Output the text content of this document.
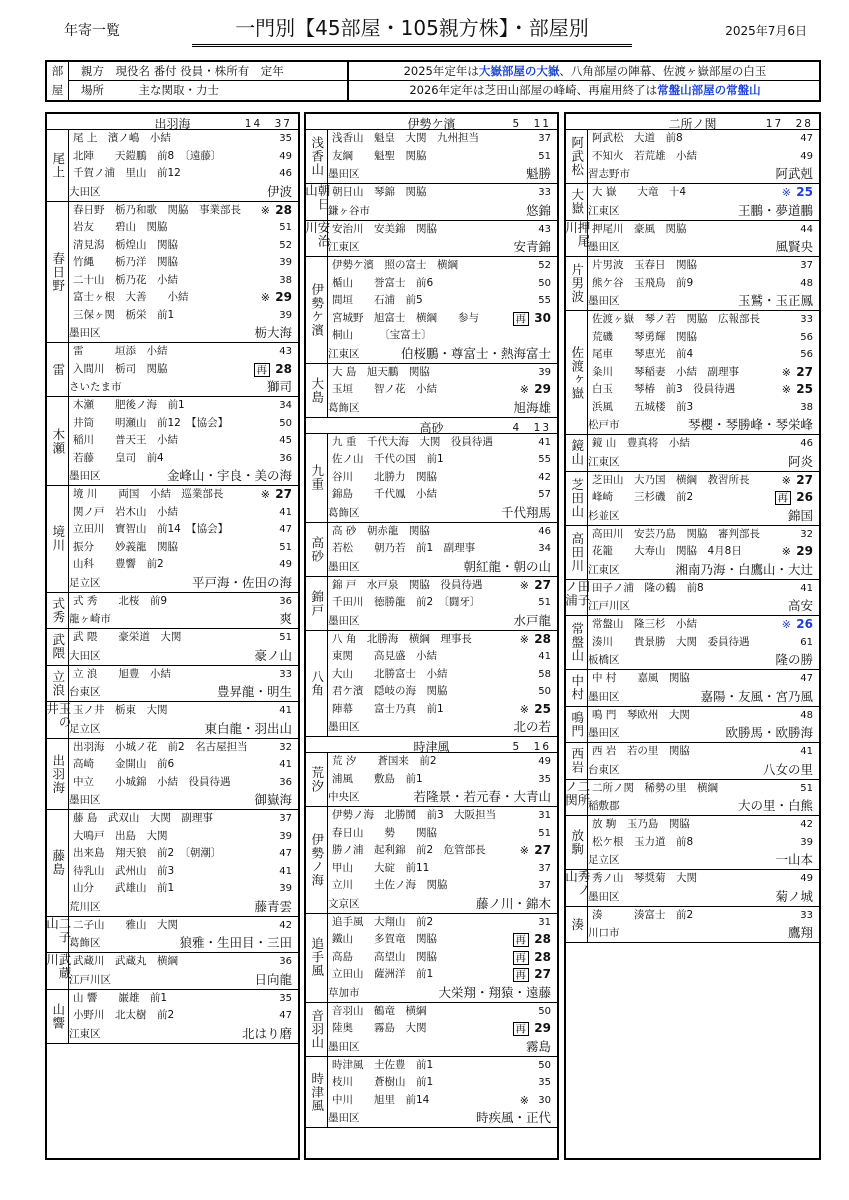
年寄一覧	一門別【45部屋・105親方株】・部屋別	2025年7月6日
部
屋
親方　現役名 番付 役員・株所有　定年
場所　　　主な関取・力士
2025年定年は大嶽部屋の大嶽、八角部屋の陣幕、佐渡ヶ嶽部屋の白玉
2026年定年は芝田山部屋の峰崎、再雇用終了は常盤山部屋の常盤山
出羽海	14　37
尾上
尾 上　濱ノ嶋　小結	35
北陣　　天鎧鵬　前8　〔遠藤〕	49
千賀ノ浦　里山　前12	46
大田区	伊波
春日野
春日野　栃乃和歌　関脇　事業部長 ※ 28
岩友　　碧山　関脇	51
清見潟　栃煌山　関脇	52
竹縄　　栃乃洋　関脇	39
二十山　栃乃花　小結	38
富士ヶ根　大善　　小結	※ 29
三保ヶ関　栃栄　前1	39
墨田区	栃大海
雷
雷　　　垣添　小結	43
入間川　栃司　関脇	再 28
さいたま市	獅司
木瀬
木瀬　　肥後ノ海　前1	34
井筒　　明瀬山　前12　【協会】	50
稲川　　普天王　小結	45
若藤　　皇司　前4	36
墨田区	金峰山・宇良・美の海
境川
境 川　　両国　小結　巡業部長	※ 27
関ノ戸　岩木山　小結	41
立田川　寶智山　前14　【協会】	47
振分　　妙義龍　関脇	51
山科　　豊響　前2	49
足立区	平戸海・佐田の海
式秀 式 秀　　北桜　前9	36
龍ヶ崎市	爽
武隈 武 隈　　豪栄道　大関	51
大田区	豪ノ山
立浪 立 浪　　旭豊　小結	33
台東区	豊昇龍・明生
玉の井	玉ノ井　栃東　大関	41
足立区	東白龍・羽出山
出羽海
出羽海　小城ノ花　前2　名古屋担当	32
高崎　　金開山　前6	41
中立　　小城錦　小結　役員待遇	36
墨田区	御嶽海
藤島
藤 島　武双山　大関　副理事	37
大鳴戸　出島　大関	39
出来島　翔天狼　前2　〔朝潮〕	47
待乳山　武州山　前3	41
山分　　武雄山　前1	39
荒川区	藤青雲
二子山	二子山　　雅山　大関	42
葛飾区	狼雅・生田目・三田
武蔵川	武蔵川　武蔵丸　横綱	36
江戸川区	日向龍
山響
山 響　　巌雄　前1	35
小野川　北太樹　前2	47
江東区	北はり磨
伊勢ケ濱	5　11
浅香山 浅香山　魁皇　大関　九州担当	37
友綱　　魁聖　関脇	51
墨田区	魁勝
朝日山	朝日山　琴錦　関脇	33
鎌ヶ谷市	悠錦
安治川	安治川　安美錦　関脇	43
江東区	安青錦
伊勢ケ濱
伊勢ケ濱　照の富士　横綱	52
楯山　　誉富士　前6	50
間垣　　石浦　前5	55
宮城野　旭富士　横綱　　参与	再 30
桐山　　　〔宝富士〕
江東区	伯桜鵬・尊富士・熱海富士
大島
大 島　旭天鵬　関脇	39
玉垣　　智ノ花　小結	※ 29
葛飾区	旭海雄
高砂	4　13
九重
九 重　千代大海　大関　役員待遇	41
佐ノ山　千代の国　前1	55
谷川　　北勝力　関脇	42
錦島　　千代鳳　小結	57
葛飾区	千代翔馬
高砂
高 砂　朝赤龍　関脇	46
若松　　朝乃若　前1　副理事	34
墨田区	朝紅龍・朝の山
錦戸
錦 戸　水戸泉　関脇　役員待遇	※ 27
千田川　徳勝龍　前2　〔闘牙〕	51
墨田区	水戸龍
八角
八 角　北勝海　横綱　理事長	※ 28
東関　　高見盛　小結	41
大山　　北勝富士　小結	58
君ケ濱　隠岐の海　関脇	50
陣幕　　富士乃真　前1	※ 25
墨田区	北の若
時津風	5　16
荒汐
荒 汐　　蒼国来　前2	49
浦風　　敷島　前1	35
中央区	若隆景・若元春・大青山
伊勢ノ海
伊勢ノ海　北勝鬨　前3　大阪担当	31
春日山　　勢　　関脇	51
勝ノ浦　起利錦　前2　危管部長	※ 27
甲山　　大碇　前11	37
立川　　土佐ノ海　関脇	37
文京区	藤ノ川・錦木
追手風
追手風　大翔山　前2	31
鐵山　　多賀竜　関脇	再 28
高島　　高望山　関脇	再 28
立田山　薩洲洋　前1	再 27
草加市	大栄翔・翔猿・遠藤
音羽山 音羽山　鶴竜　横綱	50
陸奥　　霧島　大関	再 29
墨田区	霧島
時津風
時津風　土佐豊　前1	50
枝川　　蒼樹山　前1	35
中川　　旭里　前14	※ 30
墨田区	時疾風・正代
二所ノ関	17　28
阿武松 阿武松　大道　前8	47
不知火　若荒雄　小結	49
習志野市	阿武剋
大嶽 大 嶽　　大竜　十4	※ 25
江東区	王鵬・夢道鵬
押尾川	押尾川　豪風　関脇	44
墨田区	風賢央
片男波 片男波　玉春日　関脇	37
熊ケ谷　玉飛鳥　前9	48
墨田区	玉鷲・玉正鳳
佐渡ヶ嶽
佐渡ヶ嶽　琴ノ若　関脇　広報部長	33
荒磯　　琴勇輝　関脇	56
尾車　　琴恵光　前4	56
粂川　　琴稲妻　小結　副理事	※ 27
白玉　　琴椿　前3　役員待遇	※ 25
浜風　　五城楼　前3	38
松戸市	琴櫻・琴勝峰・琴栄峰
鏡山 鏡 山　豊真将　小結	46
江東区	阿炎
芝田山 芝田山　大乃国　横綱　教習所長	※ 27
峰崎　　三杉磯　前2	再 26
杉並区	錦国
高田川 高田川　安芸乃島　関脇　審判部長	32
花籠　　大寿山　関脇　4月8日	※ 29
江東区	湘南乃海・白鷹山・大辻
田子ノ浦	田子ノ浦　隆の鶴　前8	41
江戸川区	高安
常盤山 常盤山　隆三杉　小結	※ 26
湊川　　貴景勝　大関　委員待遇	61
板橋区	隆の勝
中村 中 村　　嘉風　関脇	47
墨田区	嘉陽・友風・宮乃風
鳴門 鳴 門　琴欧州　大関	48
墨田区	欧勝馬・欧勝海
西岩 西 岩　若の里　関脇	41
台東区	八女の里
二所ノ関	二所ノ関　稀勢の里　横綱	51
稲敷郡	大の里・白熊
放駒
放 駒　玉乃島　関脇	42
松ケ根　玉力道　前8	39
足立区	一山本
秀ノ山	秀ノ山　琴奨菊　大関	49
墨田区	菊ノ城
湊
湊　　　湊富士　前2	33
川口市	鷹翔
